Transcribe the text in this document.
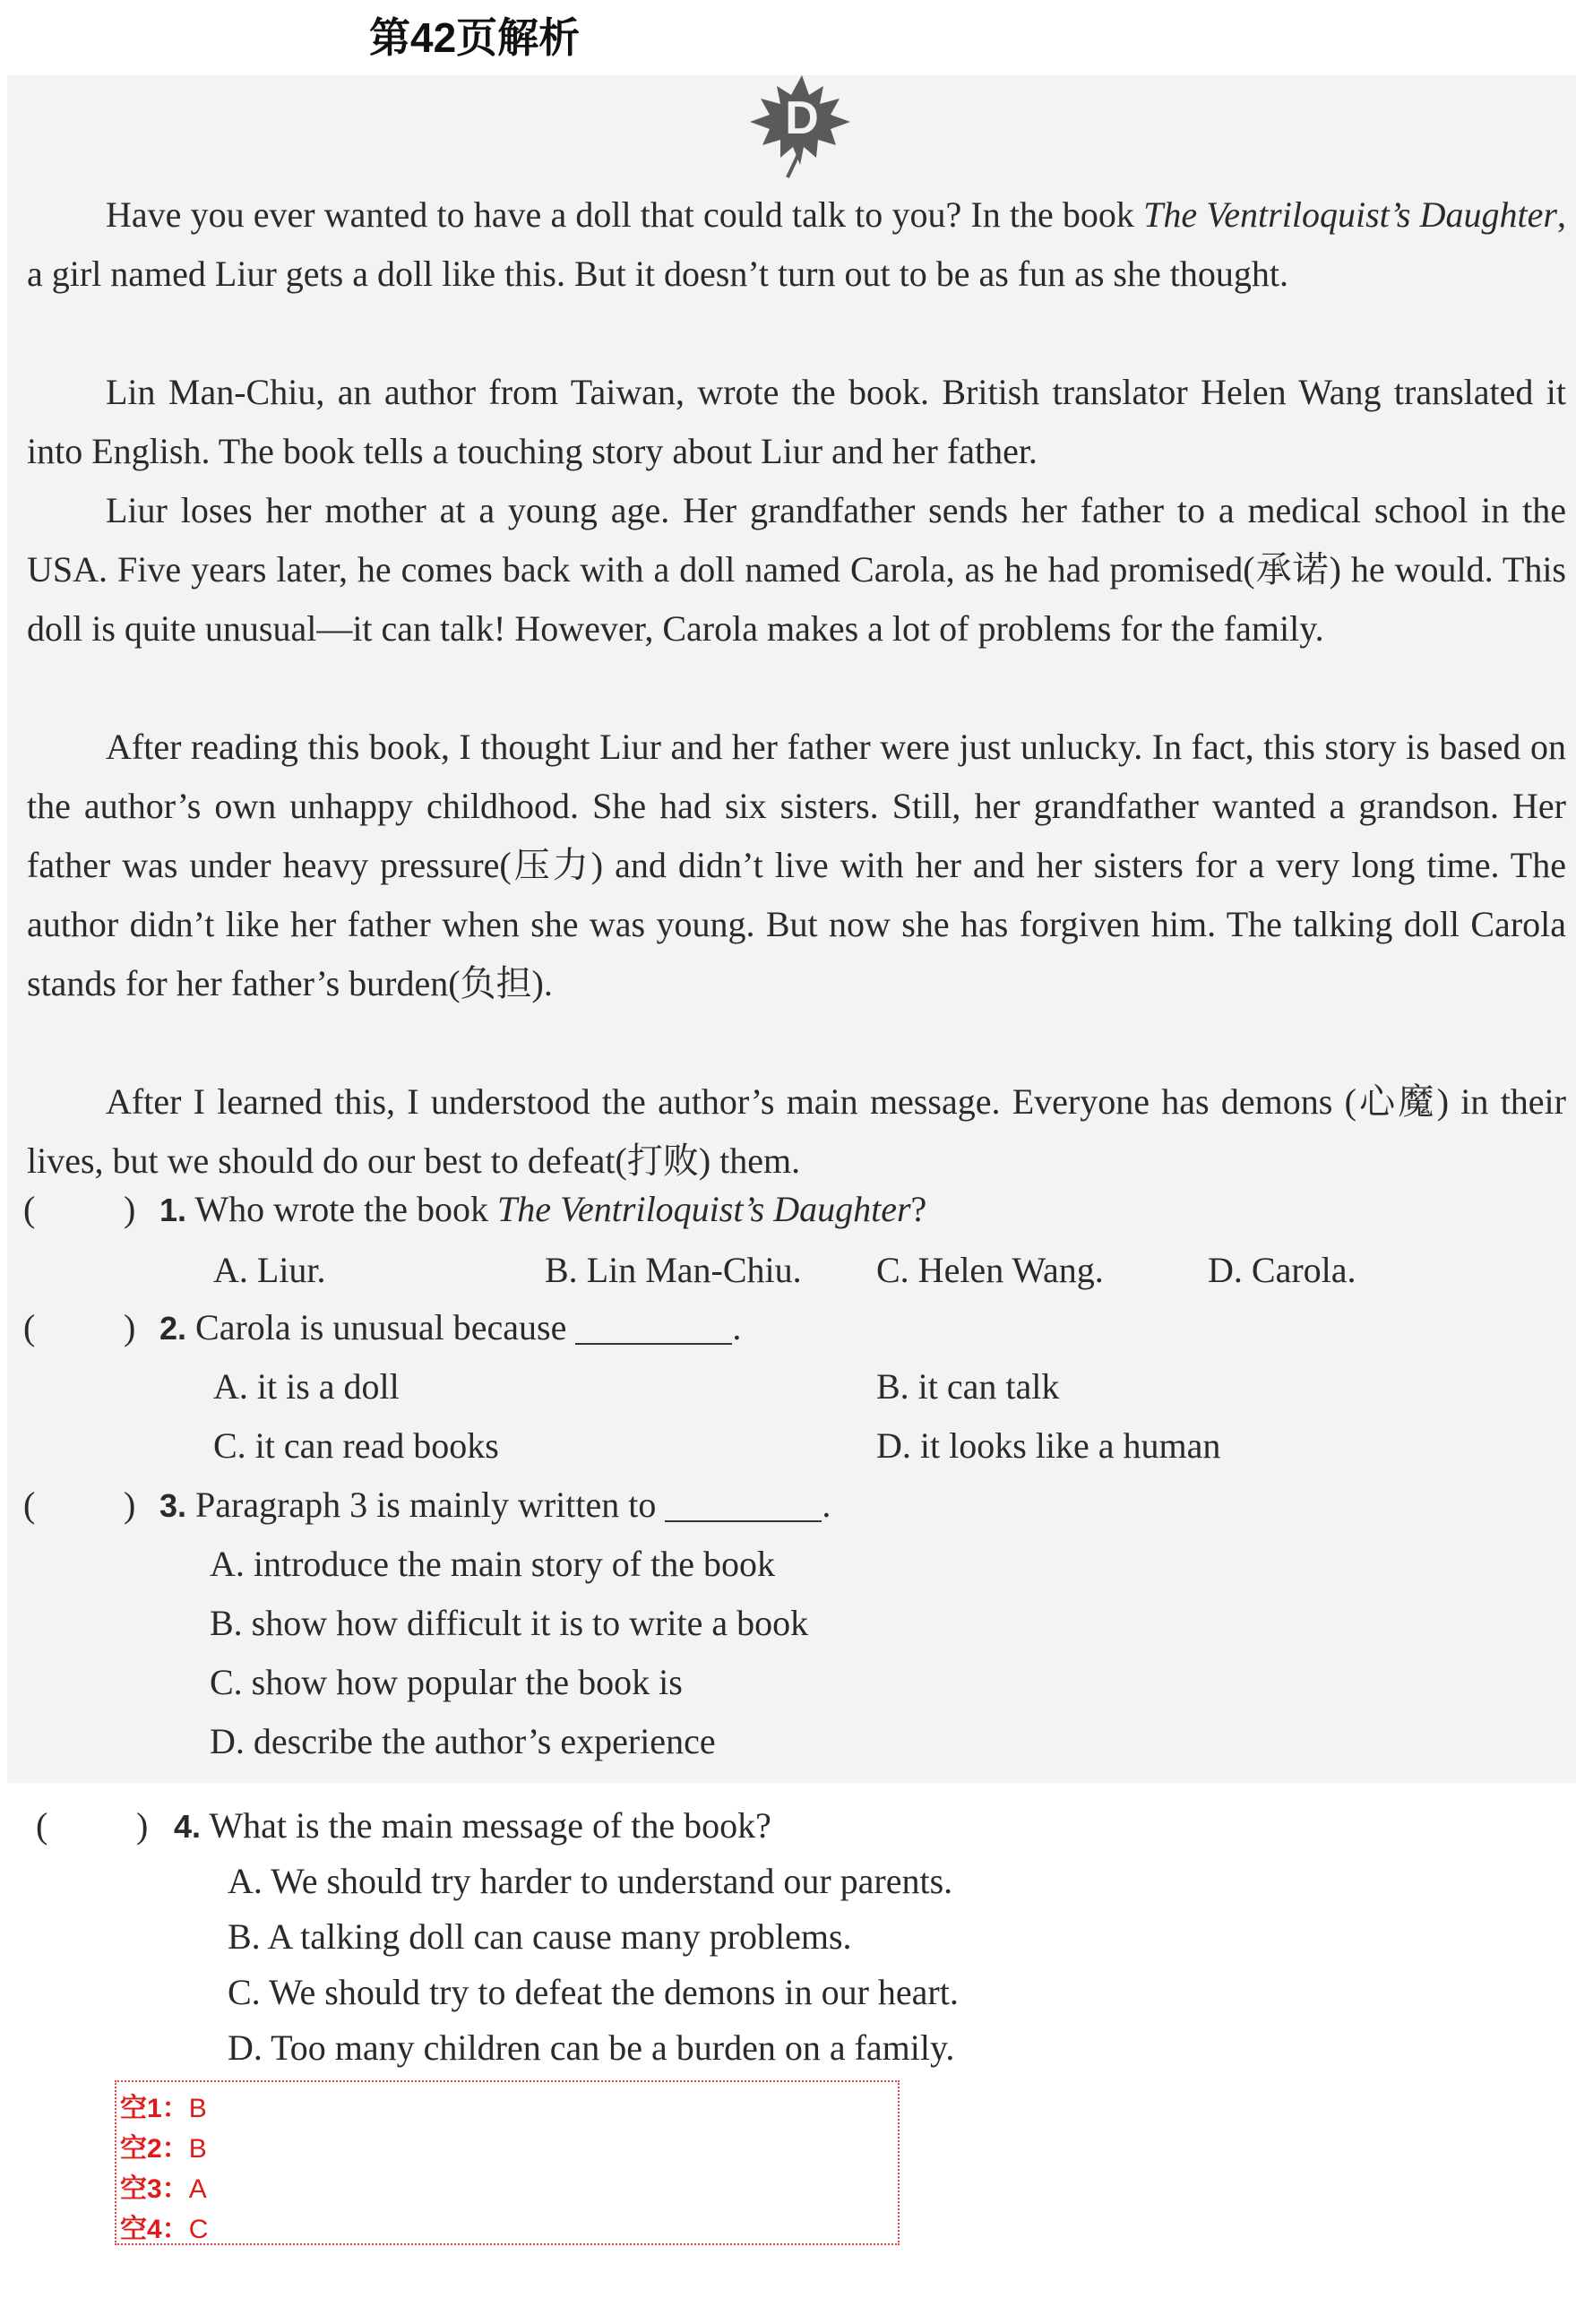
第42页解析
D
Have you ever wanted to have a doll that could talk to you? In the book The Ventriloquist’s Daughter, a girl named Liur gets a doll like this. But it doesn’t turn out to be as fun as she thought.
Lin Man-Chiu, an author from Taiwan, wrote the book. British translator Helen Wang translated it into English. The book tells a touching story about Liur and her father.
Liur loses her mother at a young age. Her grandfather sends her father to a medical school in the USA. Five years later, he comes back with a doll named Carola, as he had promised(承诺) he would. This doll is quite unusual—it can talk! However, Carola makes a lot of problems for the family.
After reading this book, I thought Liur and her father were just unlucky. In fact, this story is based on the author’s own unhappy childhood. She had six sisters. Still, her grandfather wanted a grandson. Her father was under heavy pressure(压力) and didn’t live with her and her sisters for a very long time. The author didn’t like her father when she was young. But now she has forgiven him. The talking doll Carola stands for her father’s burden(负担).
After I learned this, I understood the author’s main message. Everyone has demons (心魔) in their lives, but we should do our best to defeat(打败) them.
( ) 1. Who wrote the book The Ventriloquist’s Daughter?
A. Liur.	B. Lin Man-Chiu. C. Helen Wang.	D. Carola.
( ) 2. Carola is unusual because	.
A. it is a doll	B. it can talk
C. it can read books	D. it looks like a human
( ) 3. Paragraph 3 is mainly written to	.
A. introduce the main story of the book
B. show how difficult it is to write a book
C. show how popular the book is
D. describe the author’s experience
( ) 4. What is the main message of the book?
A. We should try harder to understand our parents.
B. A talking doll can cause many problems.
C. We should try to defeat the demons in our heart.
D. Too many children can be a burden on a family.
空1：B
空2：B
空3：A
空4：C
